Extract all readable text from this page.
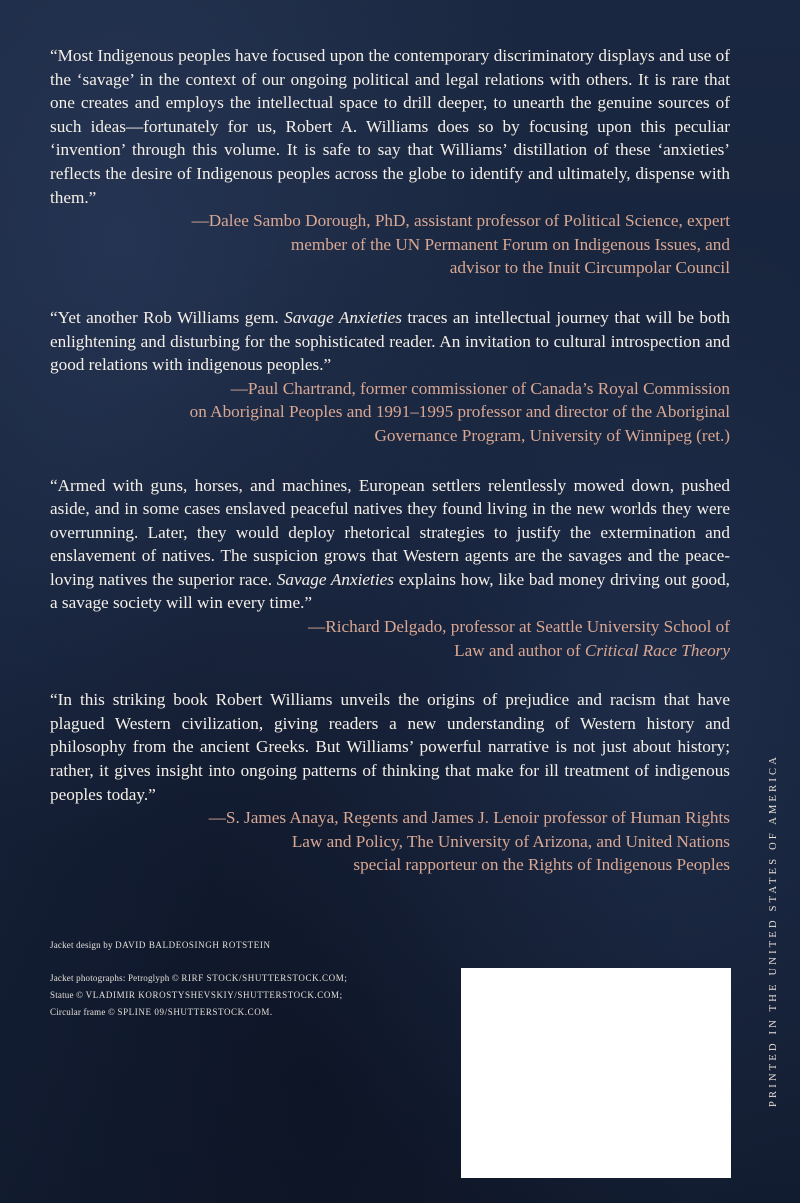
“Most Indigenous peoples have focused upon the contemporary discriminatory displays and use of the ‘savage’ in the context of our ongoing political and legal relations with others. It is rare that one creates and employs the intellectual space to drill deeper, to unearth the genuine sources of such ideas—fortunately for us, Robert A. Williams does so by focusing upon this peculiar ‘invention’ through this volume. It is safe to say that Williams’ distillation of these ‘anxieties’ reflects the desire of Indigenous peoples across the globe to identify and ultimately, dispense with them.”

—Dalee Sambo Dorough, PhD, assistant professor of Political Science, expert
member of the UN Permanent Forum on Indigenous Issues, and
advisor to the Inuit Circumpolar Council

“Yet another Rob Williams gem. Savage Anxieties traces an intellectual journey that will be both enlightening and disturbing for the sophisticated reader. An invitation to cultural introspection and good relations with indigenous peoples.”

—Paul Chartrand, former commissioner of Canada’s Royal Commission
on Aboriginal Peoples and 1991–1995 professor and director of the Aboriginal
Governance Program, University of Winnipeg (ret.)

“Armed with guns, horses, and machines, European settlers relentlessly mowed down, pushed aside, and in some cases enslaved peaceful natives they found living in the new worlds they were overrunning. Later, they would deploy rhetorical strategies to justify the extermination and enslavement of natives. The suspicion grows that Western agents are the savages and the peace-loving natives the superior race. Savage Anxieties explains how, like bad money driving out good, a savage society will win every time.”

—Richard Delgado, professor at Seattle University School of
Law and author of Critical Race Theory

“In this striking book Robert Williams unveils the origins of prejudice and racism that have plagued Western civilization, giving readers a new understanding of Western history and philosophy from the ancient Greeks. But Williams’ powerful narrative is not just about history; rather, it gives insight into ongoing patterns of thinking that make for ill treatment of indigenous peoples today.”

—S. James Anaya, Regents and James J. Lenoir professor of Human Rights
Law and Policy, The University of Arizona, and United Nations
special rapporteur on the Rights of Indigenous Peoples

Jacket design by DAVID BALDEOSINGH ROTSTEIN
Jacket photographs: Petroglyph © RIRF STOCK/SHUTTERSTOCK.COM;
Statue © VLADIMIR KOROSTYSHEVSKIY/SHUTTERSTOCK.COM;
Circular frame © SPLINE 09/SHUTTERSTOCK.COM.	PRINTED IN THE UNITED STATES OF AMERICA
